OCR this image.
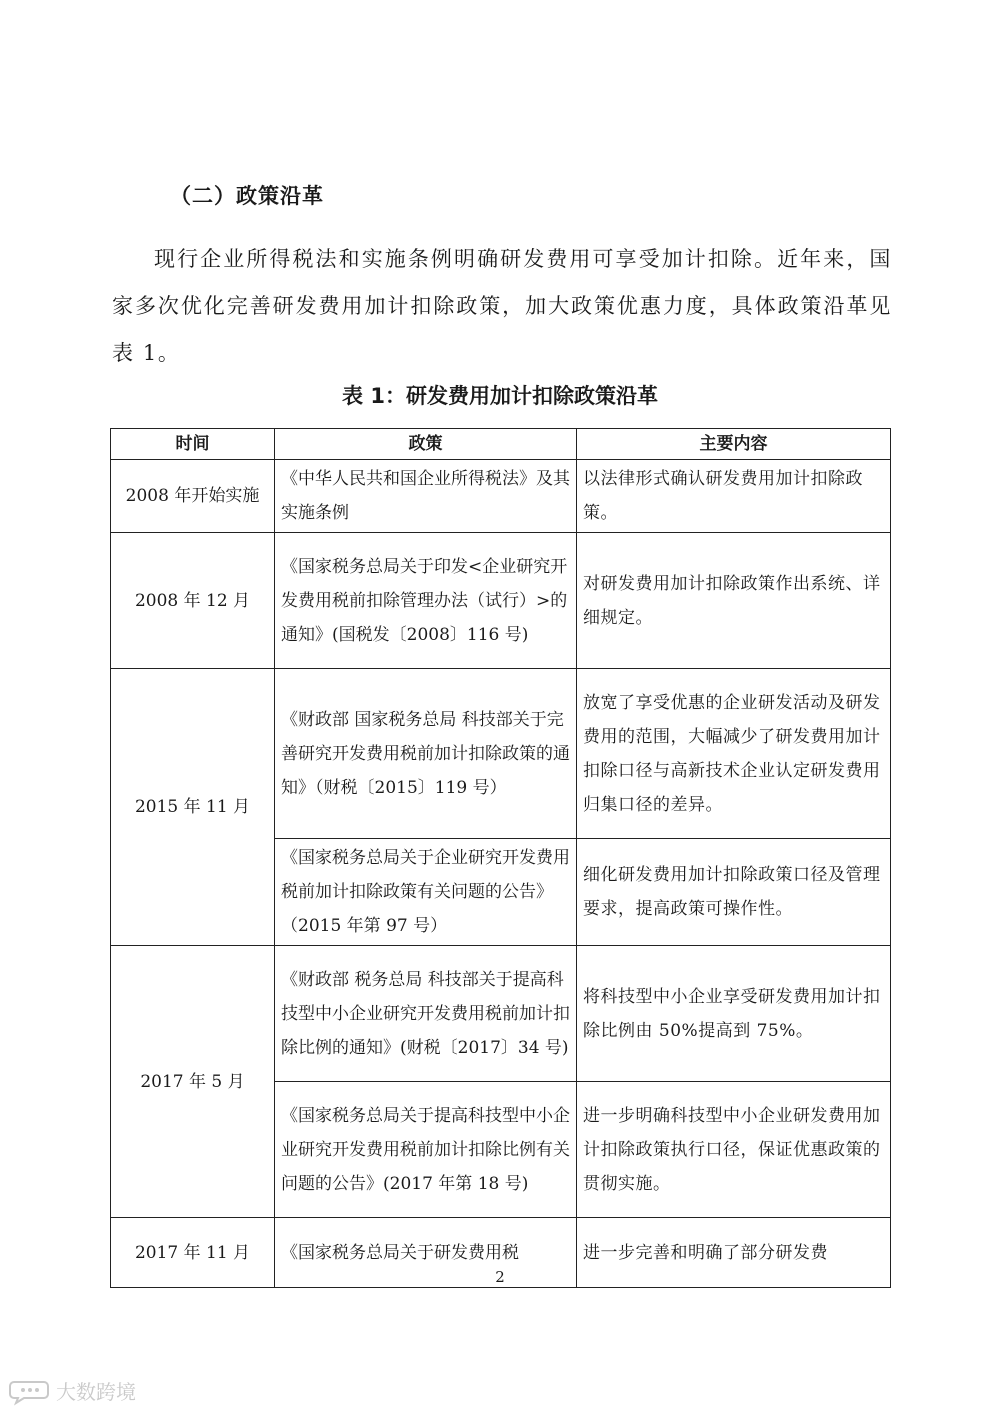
（二）政策沿革

现行企业所得税法和实施条例明确研发费用可享受加计扣除。近年来，国家多次优化完善研发费用加计扣除政策，加大政策优惠力度，具体政策沿革见表 1。

表 1：研发费用加计扣除政策沿革
时间	政策	主要内容
2008 年开始实施	《中华人民共和国企业所得税法》及其实施条例	以法律形式确认研发费用加计扣除政策。
2008 年 12 月	《国家税务总局关于印发<企业研究开发费用税前扣除管理办法（试行）>的通知》(国税发〔2008〕116 号)	对研发费用加计扣除政策作出系统、详细规定。
2015 年 11 月	《财政部 国家税务总局 科技部关于完善研究开发费用税前加计扣除政策的通知》（财税〔2015〕119 号）	放宽了享受优惠的企业研发活动及研发费用的范围，大幅减少了研发费用加计扣除口径与高新技术企业认定研发费用归集口径的差异。
	《国家税务总局关于企业研究开发费用税前加计扣除政策有关问题的公告》（2015 年第 97 号）	细化研发费用加计扣除政策口径及管理要求，提高政策可操作性。
2017 年 5 月	《财政部 税务总局 科技部关于提高科技型中小企业研究开发费用税前加计扣除比例的通知》(财税〔2017〕34 号)	将科技型中小企业享受研发费用加计扣除比例由 50%提高到 75%。
	《国家税务总局关于提高科技型中小企业研究开发费用税前加计扣除比例有关问题的公告》(2017 年第 18 号)	进一步明确科技型中小企业研发费用加计扣除政策执行口径，保证优惠政策的贯彻实施。
2017 年 11 月	《国家税务总局关于研发费用税	进一步完善和明确了部分研发费
2
大数跨境
